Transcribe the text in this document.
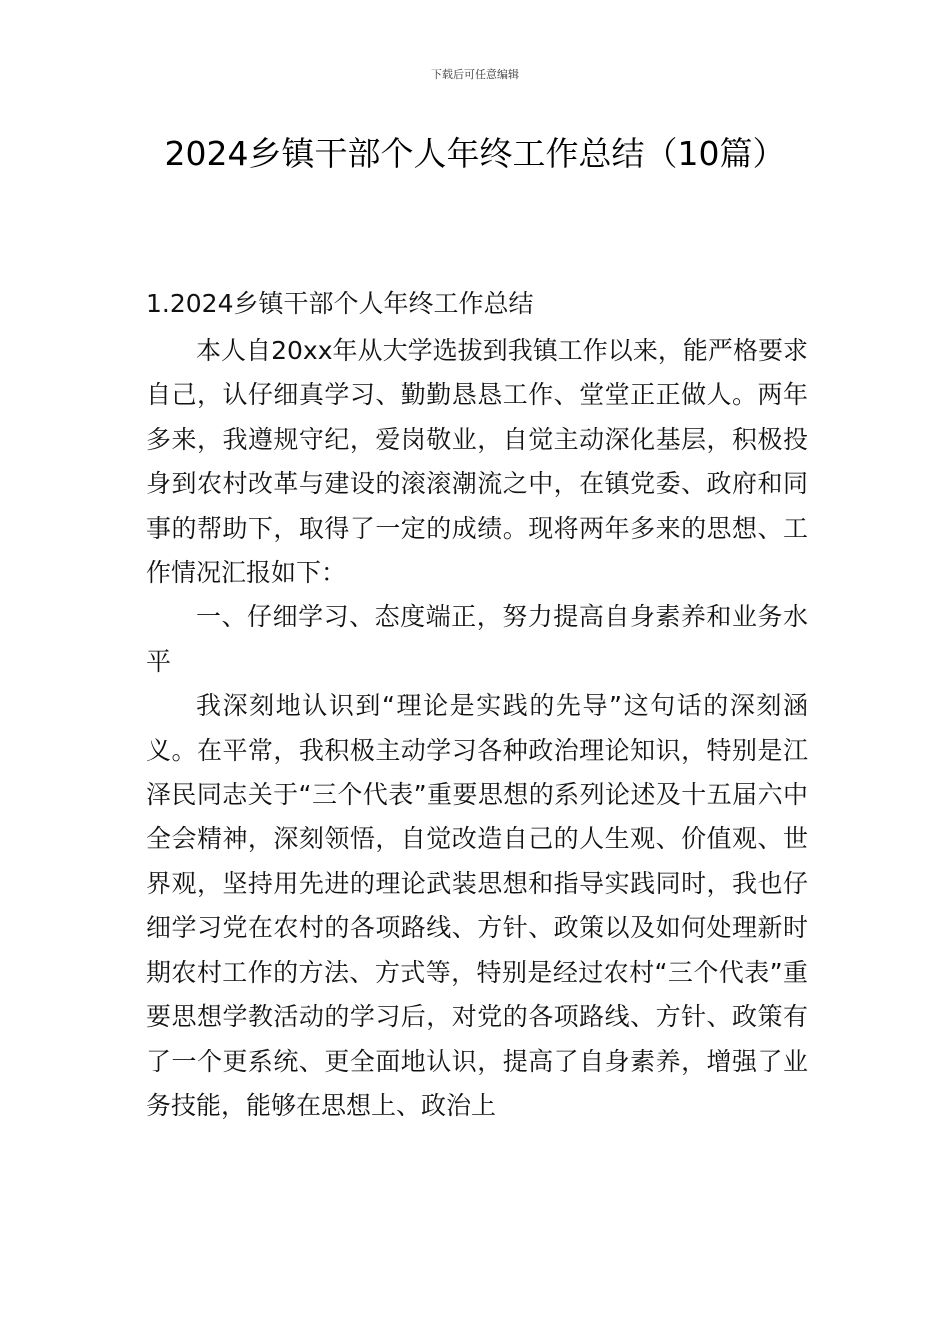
下载后可任意编辑
2024乡镇干部个人年终工作总结（10篇）
1.2024乡镇干部个人年终工作总结

本人自20xx年从大学选拔到我镇工作以来，能严格要求自己，认仔细真学习、勤勤恳恳工作、堂堂正正做人。两年多来，我遵规守纪，爱岗敬业，自觉主动深化基层，积极投身到农村改革与建设的滚滚潮流之中，在镇党委、政府和同事的帮助下，取得了一定的成绩。现将两年多来的思想、工作情况汇报如下：

一、仔细学习、态度端正，努力提高自身素养和业务水平

我深刻地认识到“理论是实践的先导”这句话的深刻涵义。在平常，我积极主动学习各种政治理论知识，特别是江泽民同志关于“三个代表”重要思想的系列论述及十五届六中全会精神，深刻领悟，自觉改造自己的人生观、价值观、世界观，坚持用先进的理论武装思想和指导实践同时，我也仔细学习党在农村的各项路线、方针、政策以及如何处理新时期农村工作的方法、方式等，特别是经过农村“三个代表”重要思想学教活动的学习后，对党的各项路线、方针、政策有了一个更系统、更全面地认识，提高了自身素养，增强了业务技能，能够在思想上、政治上
